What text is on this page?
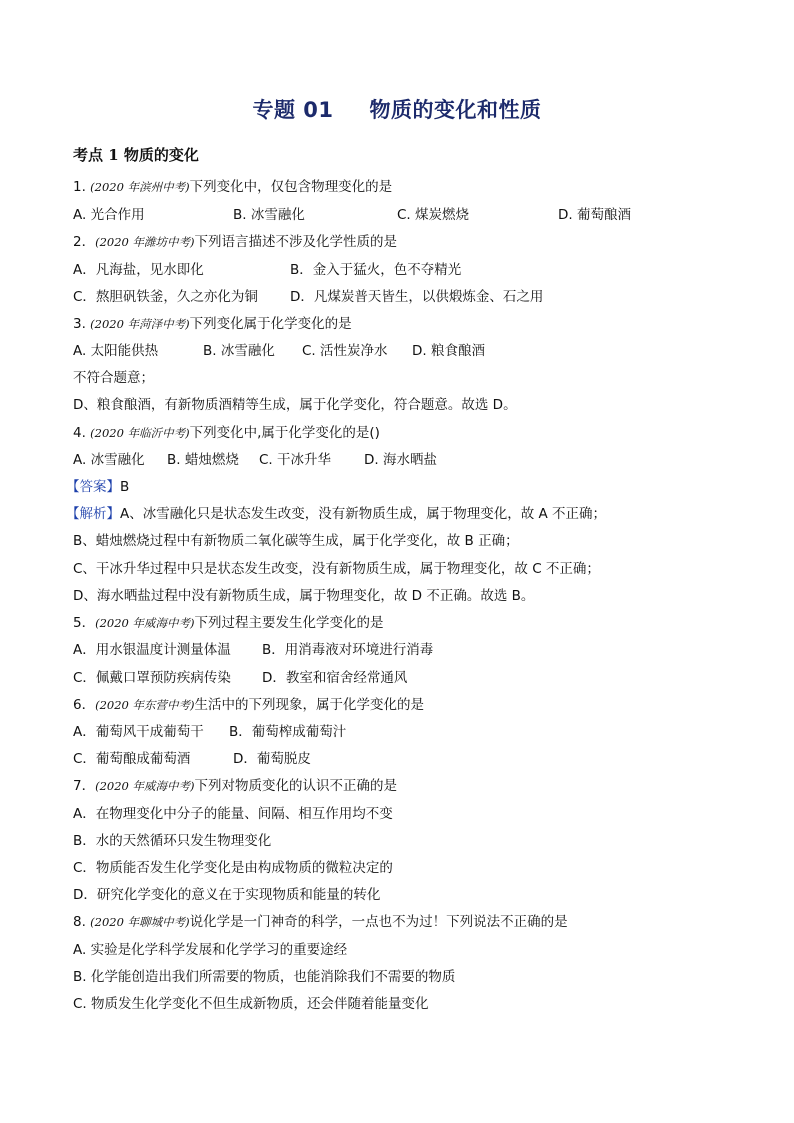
专题 01 物质的变化和性质
考点 1 物质的变化
1. (2020 年滨州中考)下列变化中，仅包含物理变化的是
A. 光合作用	B. 冰雪融化	C. 煤炭燃烧	D. 葡萄酿酒
2．(2020 年潍坊中考)下列语言描述不涉及化学性质的是
A．凡海盐，见水即化	B．金入于猛火，色不夺精光
C．熬胆矾铁釜，久之亦化为铜 D．凡煤炭普天皆生，以供煅炼金、石之用
3. (2020 年菏泽中考)下列变化属于化学变化的是
A. 太阳能供热	B. 冰雪融化 C. 活性炭净水 D. 粮食酿酒
不符合题意；
D、粮食酿酒，有新物质酒精等生成，属于化学变化，符合题意。故选 D。
4. (2020 年临沂中考)下列变化中,属于化学变化的是()
A. 冰雪融化 B. 蜡烛燃烧 C. 干冰升华 D. 海水晒盐
【答案】B
【解析】A、冰雪融化只是状态发生改变，没有新物质生成，属于物理变化，故 A 不正确；
B、蜡烛燃烧过程中有新物质二氧化碳等生成，属于化学变化，故 B 正确；
C、干冰升华过程中只是状态发生改变，没有新物质生成，属于物理变化，故 C 不正确；
D、海水晒盐过程中没有新物质生成，属于物理变化，故 D 不正确。故选 B。
5．(2020 年威海中考)下列过程主要发生化学变化的是
A．用水银温度计测量体温 B．用消毒液对环境进行消毒
C．佩戴口罩预防疾病传染 D．教室和宿舍经常通风
6．(2020 年东营中考)生活中的下列现象，属于化学变化的是
A．葡萄风干成葡萄干 B．葡萄榨成葡萄汁
C．葡萄酿成葡萄酒	D．葡萄脱皮
7．(2020 年威海中考)下列对物质变化的认识不正确的是
A．在物理变化中分子的能量、间隔、相互作用均不变
B．水的天然循环只发生物理变化
C．物质能否发生化学变化是由构成物质的微粒决定的
D．研究化学变化的意义在于实现物质和能量的转化
8. (2020 年聊城中考)说化学是一门神奇的科学，一点也不为过！下列说法不正确的是
A. 实验是化学科学发展和化学学习的重要途经
B. 化学能创造出我们所需要的物质，也能消除我们不需要的物质
C. 物质发生化学变化不但生成新物质，还会伴随着能量变化
